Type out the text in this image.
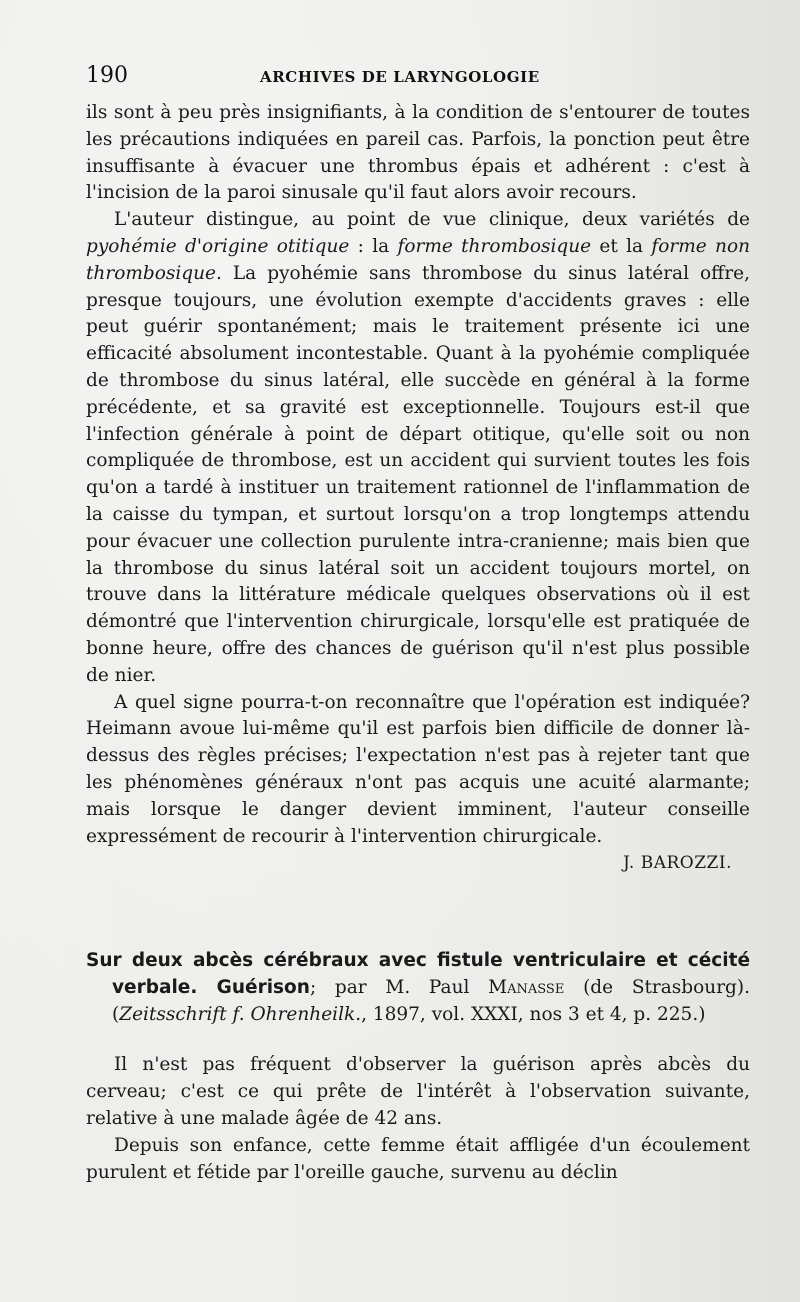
190	ARCHIVES DE LARYNGOLOGIE

ils sont à peu près insignifiants, à la condition de s'entourer de toutes les précautions indiquées en pareil cas. Parfois, la ponction peut être insuffisante à évacuer une thrombus épais et adhérent : c'est à l'incision de la paroi sinusale qu'il faut alors avoir recours.

L'auteur distingue, au point de vue clinique, deux variétés de pyohémie d'origine otitique : la forme thrombosique et la forme non thrombosique. La pyohémie sans thrombose du sinus latéral offre, presque toujours, une évolution exempte d'accidents graves : elle peut guérir spontanément; mais le traitement présente ici une efficacité absolument incontestable. Quant à la pyohémie compliquée de thrombose du sinus latéral, elle succède en général à la forme précédente, et sa gravité est exceptionnelle. Toujours est-il que l'infection générale à point de départ otitique, qu'elle soit ou non compliquée de thrombose, est un accident qui survient toutes les fois qu'on a tardé à instituer un traitement rationnel de l'inflammation de la caisse du tympan, et surtout lorsqu'on a trop longtemps attendu pour évacuer une collection purulente intra-cranienne; mais bien que la thrombose du sinus latéral soit un accident toujours mortel, on trouve dans la littérature médicale quelques observations où il est démontré que l'intervention chirurgicale, lorsqu'elle est pratiquée de bonne heure, offre des chances de guérison qu'il n'est plus possible de nier.

A quel signe pourra-t-on reconnaître que l'opération est indiquée? Heimann avoue lui-même qu'il est parfois bien difficile de donner là-dessus des règles précises; l'expectation n'est pas à rejeter tant que les phénomènes généraux n'ont pas acquis une acuité alarmante; mais lorsque le danger devient imminent, l'auteur conseille expressément de recourir à l'intervention chirurgicale.

J. BAROZZI.

Sur deux abcès cérébraux avec fistule ventriculaire et cécité verbale. Guérison; par M. Paul Manasse (de Strasbourg). (Zeitsschrift f. Ohrenheilk., 1897, vol. XXXI, nos 3 et 4, p. 225.)

Il n'est pas fréquent d'observer la guérison après abcès du cerveau; c'est ce qui prête de l'intérêt à l'observation suivante, relative à une malade âgée de 42 ans.

Depuis son enfance, cette femme était affligée d'un écoulement purulent et fétide par l'oreille gauche, survenu au déclin
